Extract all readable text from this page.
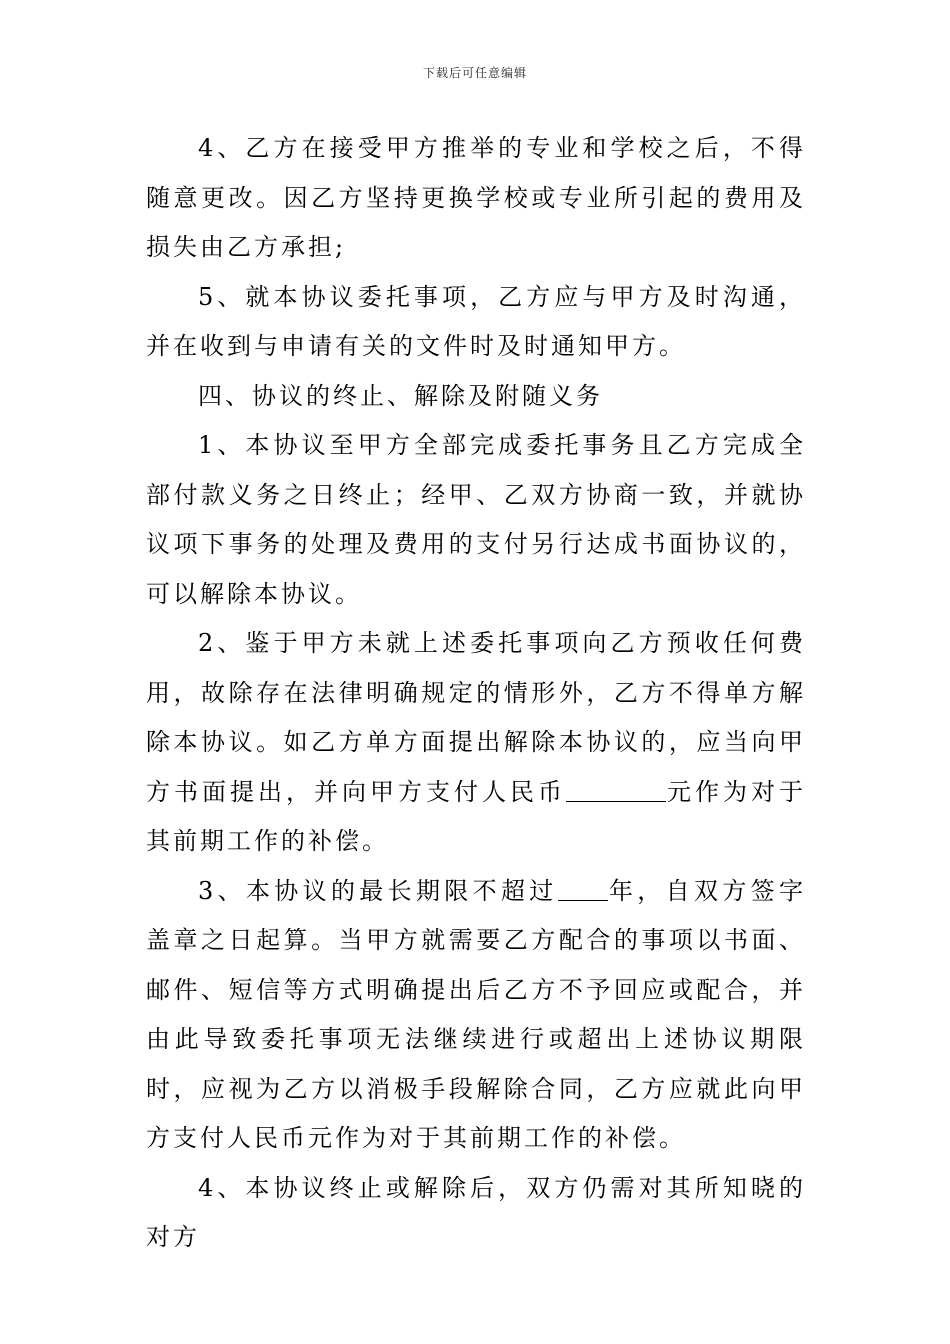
下载后可任意编辑

4、乙方在接受甲方推举的专业和学校之后，不得随意更改。因乙方坚持更换学校或专业所引起的费用及损失由乙方承担;

5、就本协议委托事项，乙方应与甲方及时沟通，并在收到与申请有关的文件时及时通知甲方。

四、协议的终止、解除及附随义务

1、本协议至甲方全部完成委托事务且乙方完成全部付款义务之日终止；经甲、乙双方协商一致，并就协议项下事务的处理及费用的支付另行达成书面协议的，可以解除本协议。

2、鉴于甲方未就上述委托事项向乙方预收任何费用，故除存在法律明确规定的情形外，乙方不得单方解除本协议。如乙方单方面提出解除本协议的，应当向甲方书面提出，并向甲方支付人民币	元作为对于其前期工作的补偿。

3、本协议的最长期限不超过 年，自双方签字盖章之日起算。当甲方就需要乙方配合的事项以书面、邮件、短信等方式明确提出后乙方不予回应或配合，并由此导致委托事项无法继续进行或超出上述协议期限时，应视为乙方以消极手段解除合同，乙方应就此向甲方支付人民币元作为对于其前期工作的补偿。

4、本协议终止或解除后，双方仍需对其所知晓的对方
